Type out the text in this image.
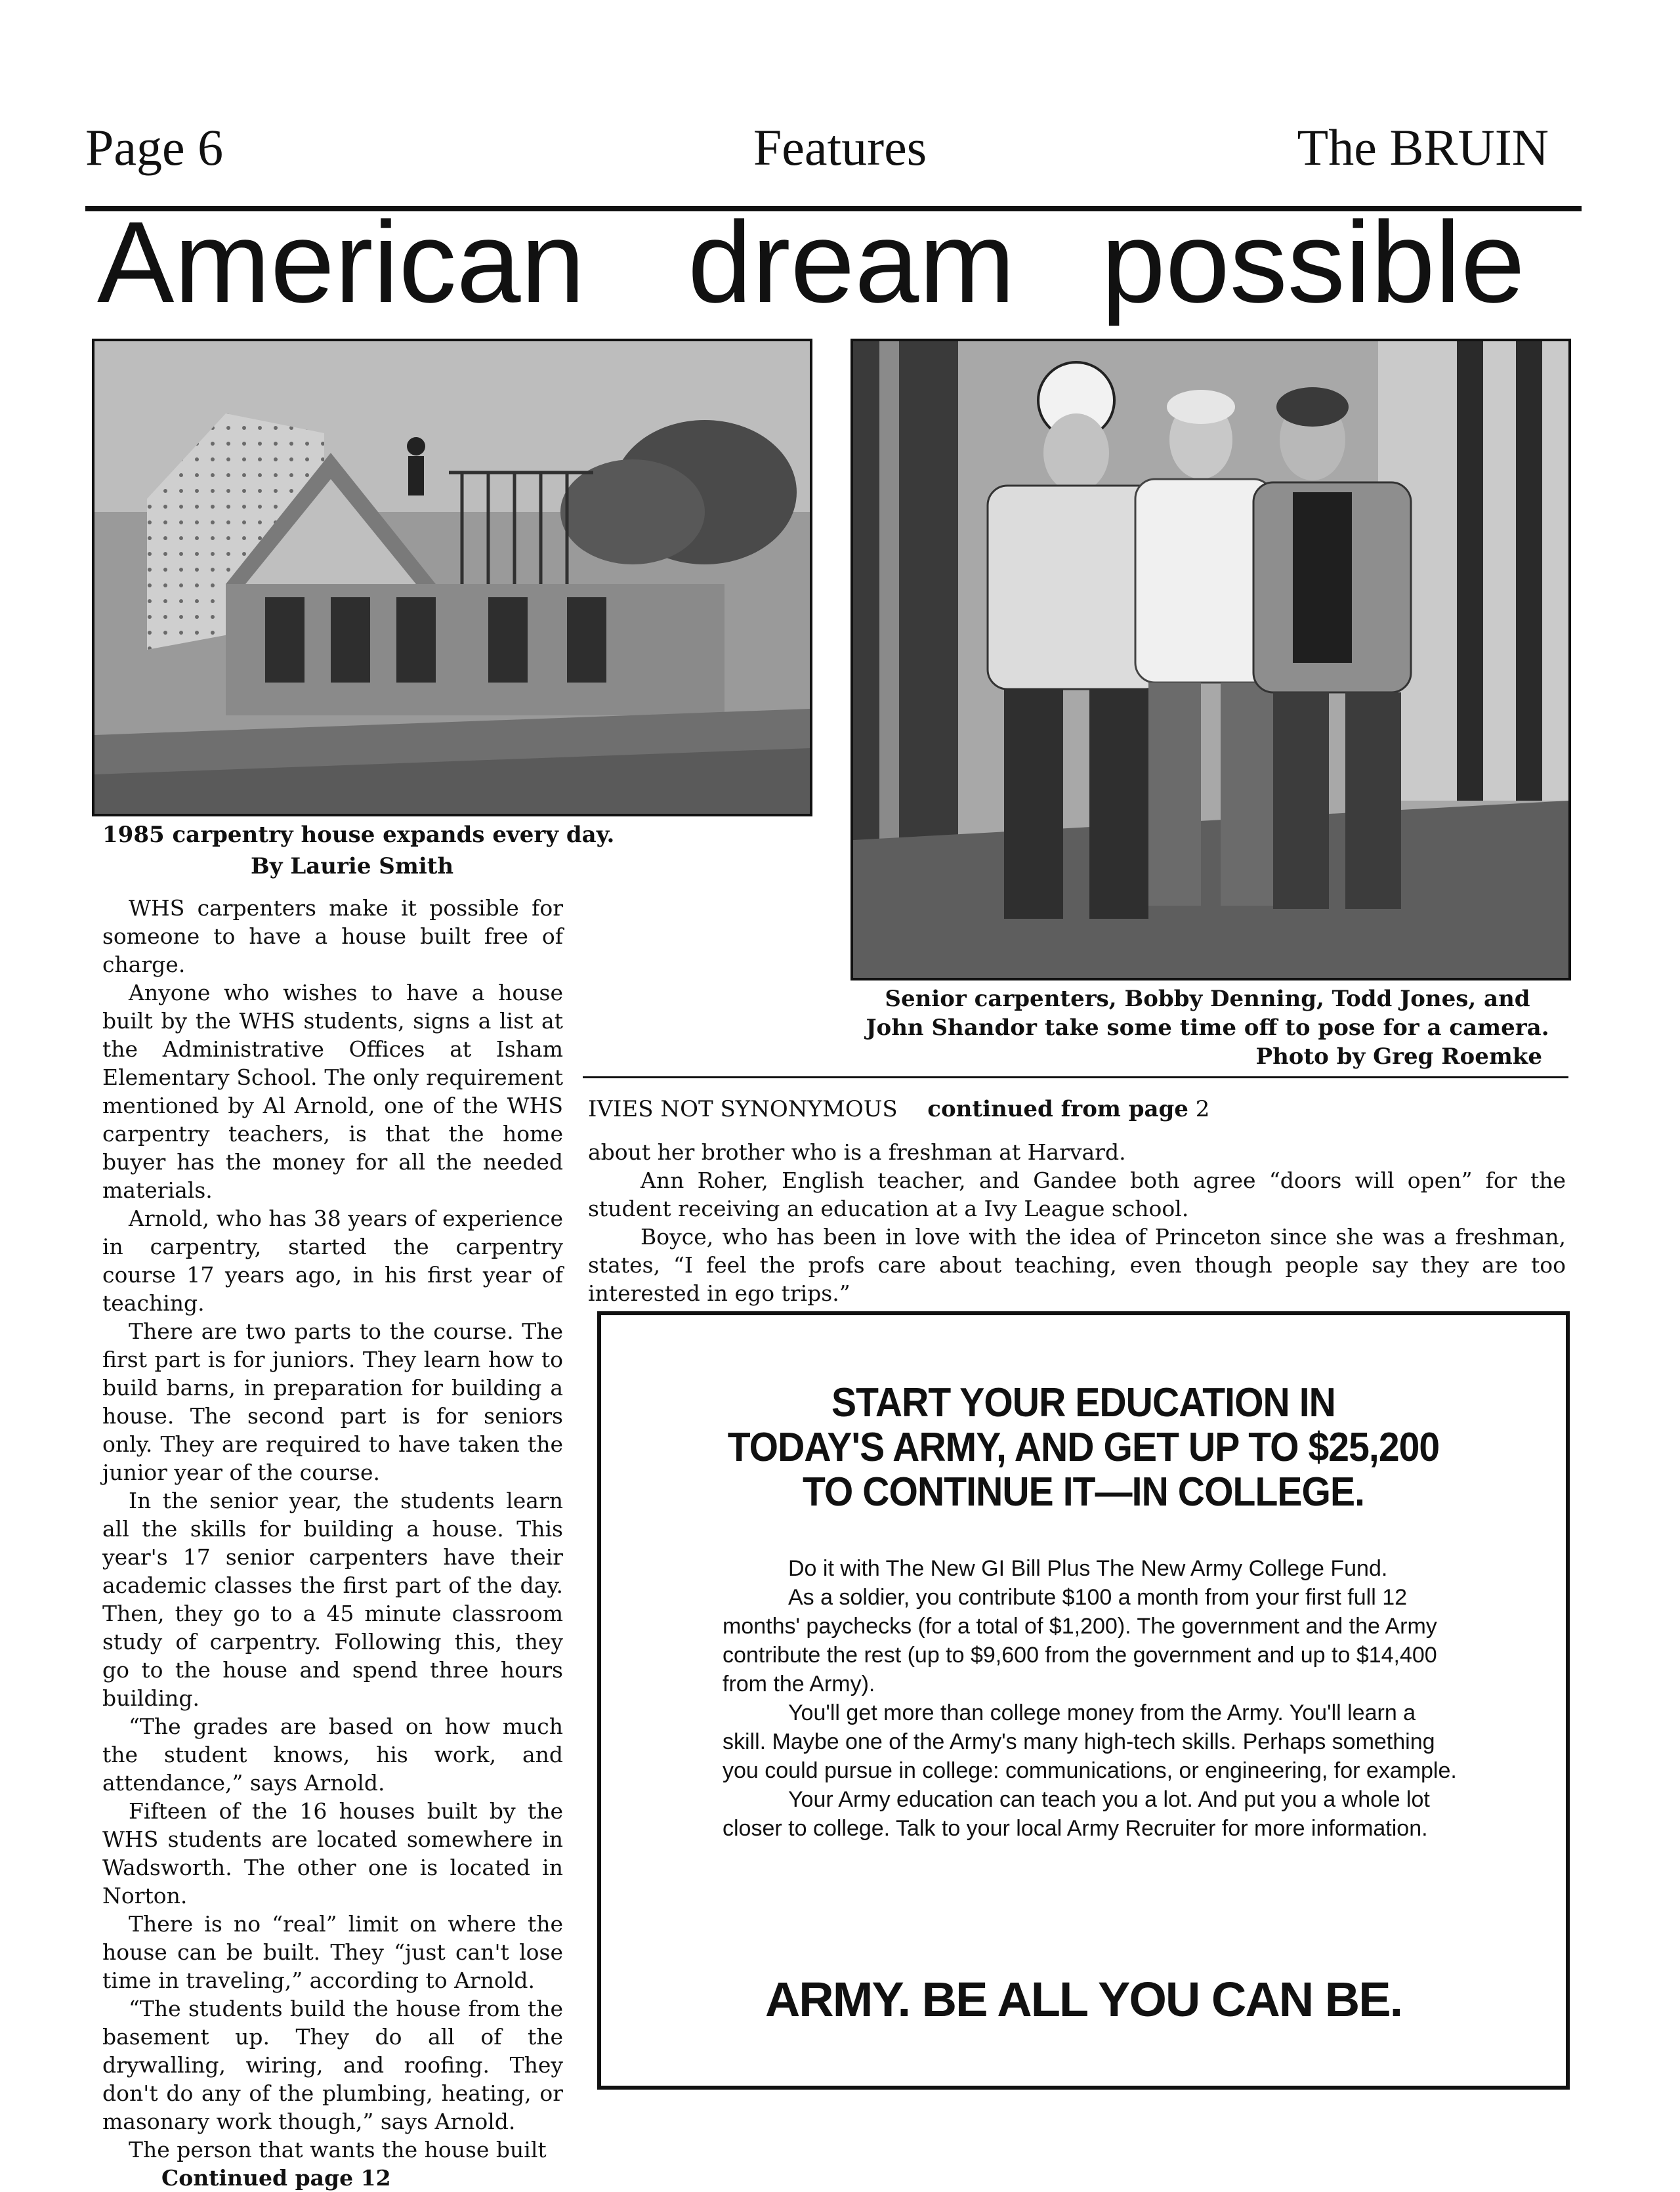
Page 6	Features	The BRUIN
American dream possible
1985 carpentry house expands every day.
Senior carpenters, Bobby Denning, Todd Jones, and
John Shandor take some time off to pose for a camera.
Photo by Greg Roemke
By Laurie Smith

WHS carpenters make it possible for someone to have a house built free of charge.

Anyone who wishes to have a house built by the WHS students, signs a list at the Administrative Offices at Isham Elementary School. The only requirement mentioned by Al Arnold, one of the WHS carpentry teachers, is that the home buyer has the money for all the needed materials.

Arnold, who has 38 years of experience in carpentry, started the carpentry course 17 years ago, in his first year of teaching.

There are two parts to the course. The first part is for juniors. They learn how to build barns, in preparation for building a house. The second part is for seniors only. They are required to have taken the junior year of the course.

In the senior year, the students learn all the skills for building a house. This year's 17 senior carpenters have their academic classes the first part of the day. Then, they go to a 45 minute classroom study of carpentry. Following this, they go to the house and spend three hours building.

“The grades are based on how much the student knows, his work, and attendance,” says Arnold.

Fifteen of the 16 houses built by the WHS students are located somewhere in Wadsworth. The other one is located in Norton.

There is no “real” limit on where the house can be built. They “just can't lose time in traveling,” according to Arnold.

“The students build the house from the basement up. They do all of the drywalling, wiring, and roofing. They don't do any of the plumbing, heating, or masonary work though,” says Arnold.

The person that wants the house built

Continued page 12
IVIES NOT SYNONYMOUS continued from page 2

about her brother who is a freshman at Harvard.

Ann Roher, English teacher, and Gandee both agree “doors will open” for the student receiving an education at a Ivy League school.

Boyce, who has been in love with the idea of Princeton since she was a freshman, states, “I feel the profs care about teaching, even though people say they are too interested in ego trips.”

START YOUR EDUCATION IN
TODAY'S ARMY, AND GET UP TO $25,200
TO CONTINUE IT—IN COLLEGE.

Do it with The New GI Bill Plus The New Army College Fund.

As a soldier, you contribute $100 a month from your first full 12 months' paychecks (for a total of $1,200). The government and the Army contribute the rest (up to $9,600 from the government and up to $14,400 from the Army).

You'll get more than college money from the Army. You'll learn a skill. Maybe one of the Army's many high-tech skills. Perhaps something you could pursue in college: communications, or engineering, for example.

Your Army education can teach you a lot. And put you a whole lot closer to college. Talk to your local Army Recruiter for more information.

ARMY. BE ALL YOU CAN BE.
